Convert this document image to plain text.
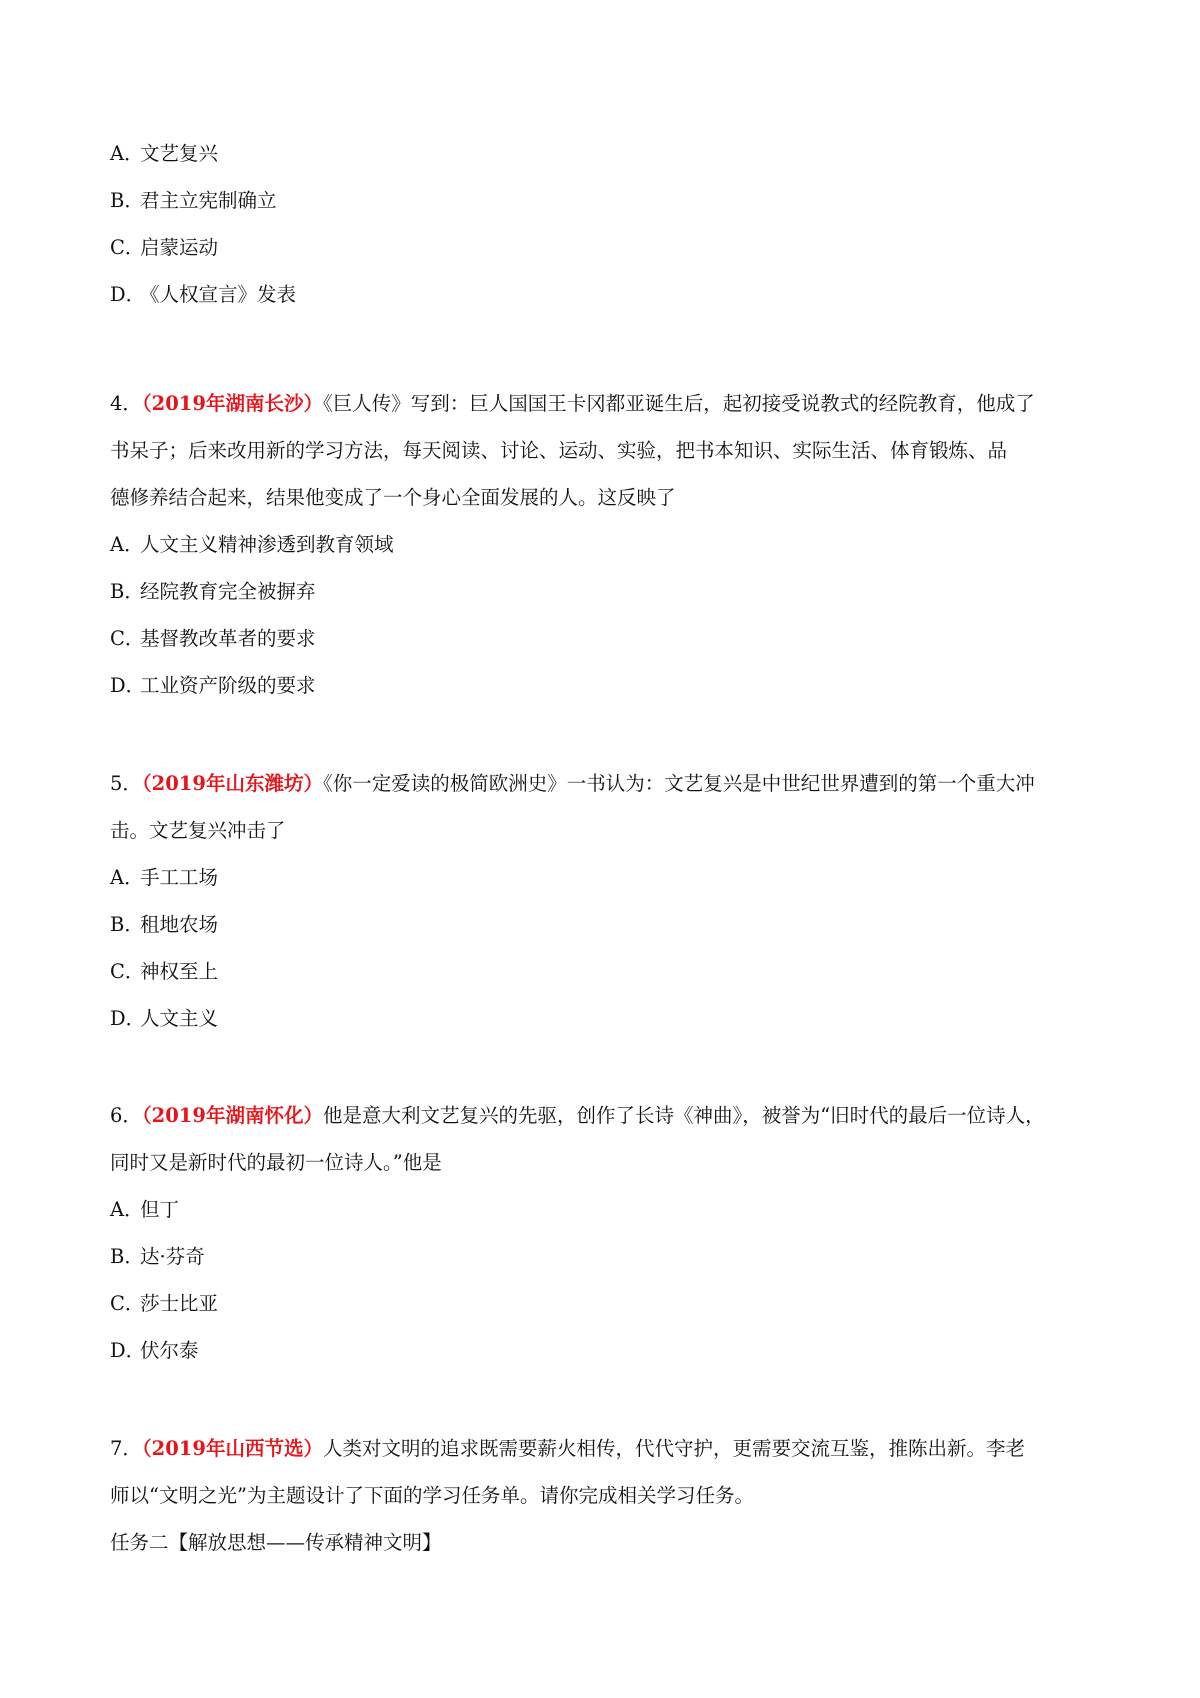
A．文艺复兴
B．君主立宪制确立
C．启蒙运动
D．《人权宣言》发表
4．（2019年湖南长沙）《巨人传》写到：巨人国国王卡冈都亚诞生后，起初接受说教式的经院教育，他成了
书呆子；后来改用新的学习方法，每天阅读、讨论、运动、实验，把书本知识、实际生活、体育锻炼、品
德修养结合起来，结果他变成了一个身心全面发展的人。这反映了
A．人文主义精神渗透到教育领域
B．经院教育完全被摒弃
C．基督教改革者的要求
D．工业资产阶级的要求
5．（2019年山东潍坊）《你一定爱读的极简欧洲史》一书认为：文艺复兴是中世纪世界遭到的第一个重大冲
击。文艺复兴冲击了
A．手工工场
B．租地农场
C．神权至上
D．人文主义
6．（2019年湖南怀化）他是意大利文艺复兴的先驱，创作了长诗《神曲》，被誉为“旧时代的最后一位诗人，
同时又是新时代的最初一位诗人。”他是
A．但丁
B．达·芬奇
C．莎士比亚
D．伏尔泰
7．（2019年山西节选）人类对文明的追求既需要薪火相传，代代守护，更需要交流互鉴，推陈出新。李老
师以“文明之光”为主题设计了下面的学习任务单。请你完成相关学习任务。
任务二【解放思想——传承精神文明】
